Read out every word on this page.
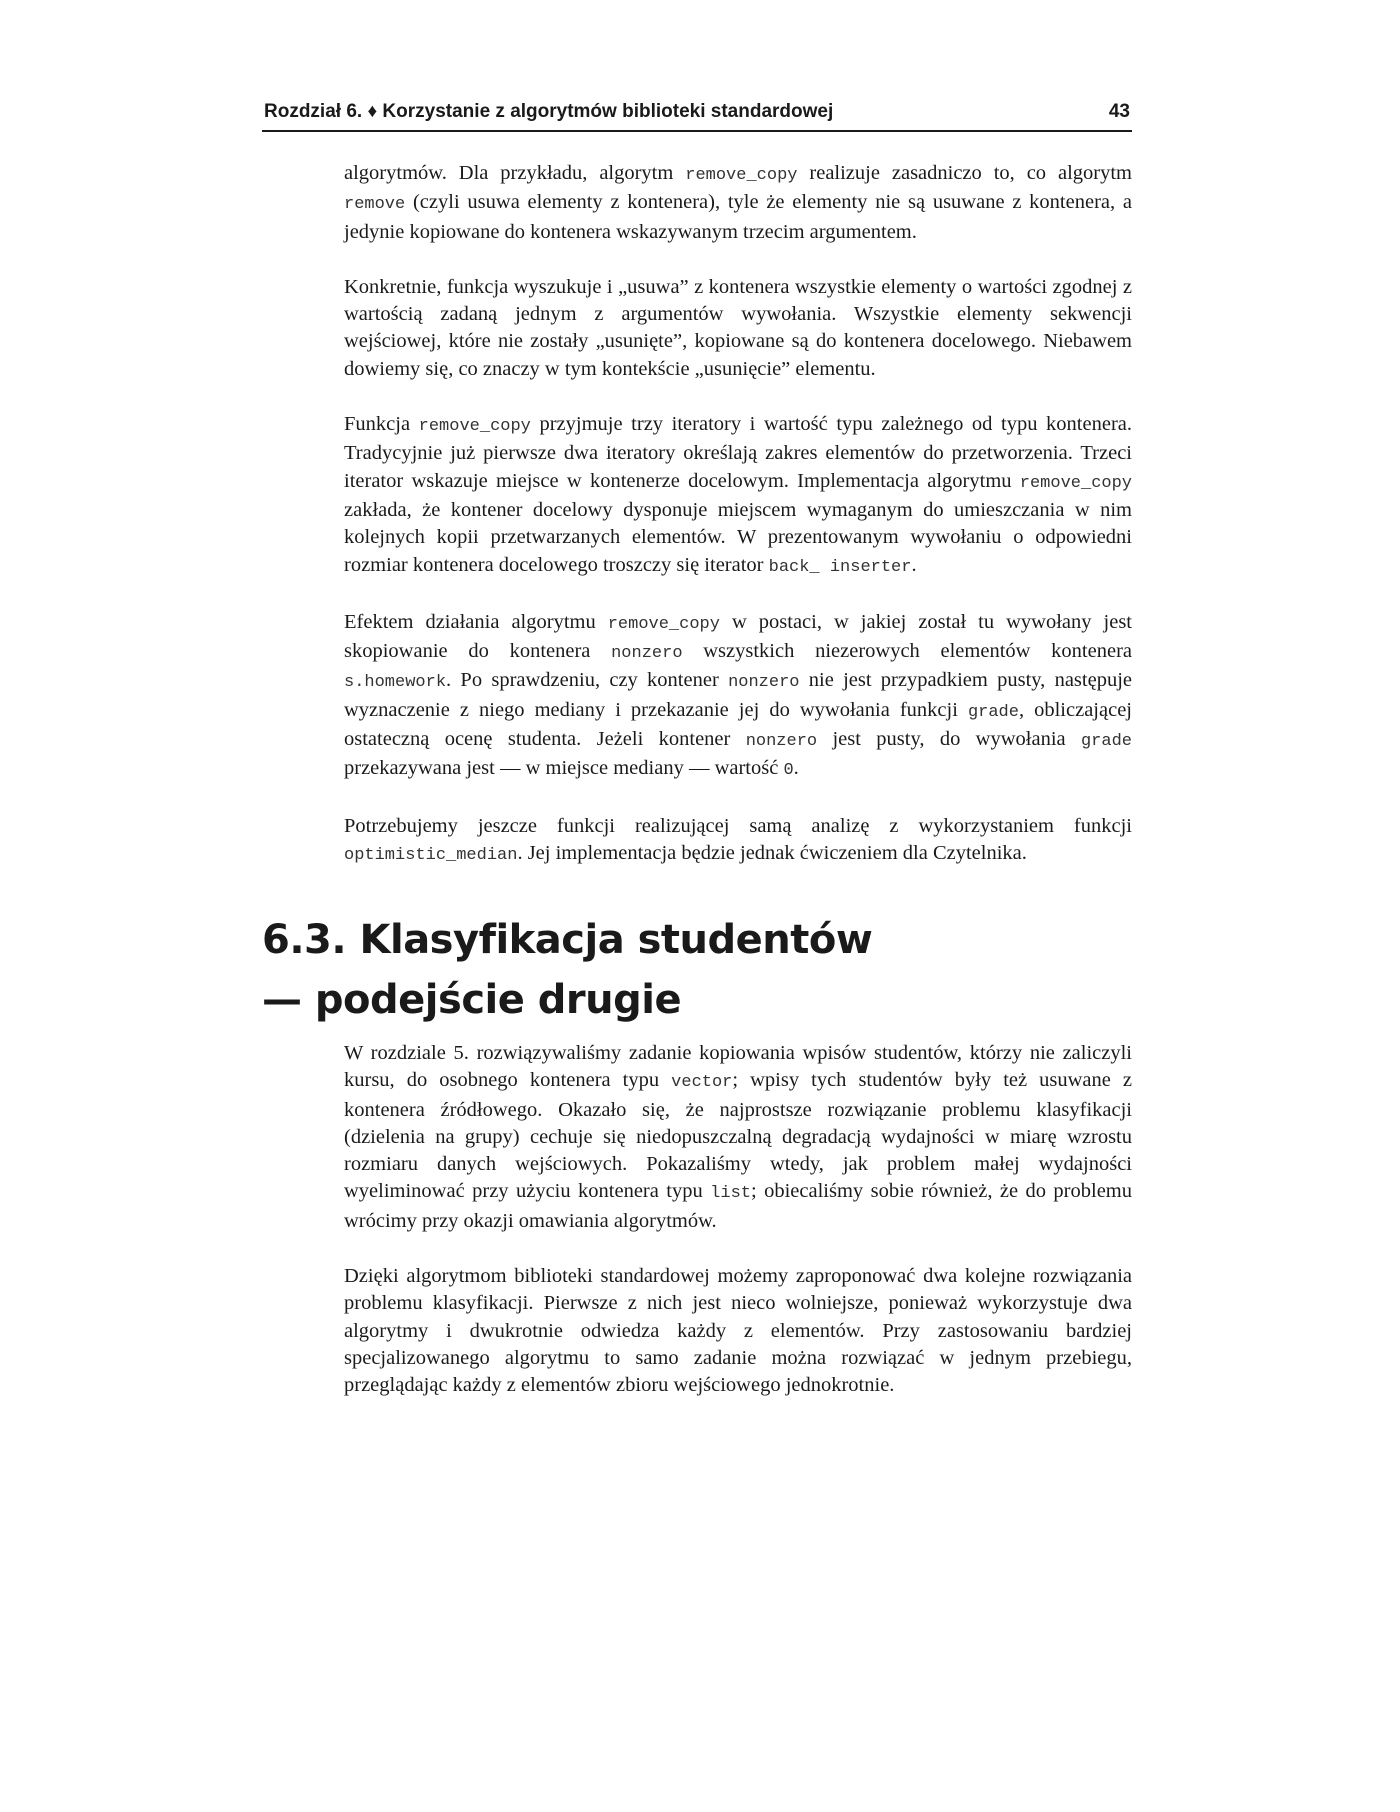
Rozdział 6. ♦ Korzystanie z algorytmów biblioteki standardowej	43

algorytmów. Dla przykładu, algorytm remove_copy realizuje zasadniczo to, co algorytm remove (czyli usuwa elementy z kontenera), tyle że elementy nie są usuwane z kontenera, a jedynie kopiowane do kontenera wskazywanym trzecim argumentem.

Konkretnie, funkcja wyszukuje i „usuwa” z kontenera wszystkie elementy o wartości zgodnej z wartością zadaną jednym z argumentów wywołania. Wszystkie elementy sekwencji wejściowej, które nie zostały „usunięte”, kopiowane są do kontenera docelowego. Niebawem dowiemy się, co znaczy w tym kontekście „usunięcie” elementu.

Funkcja remove_copy przyjmuje trzy iteratory i wartość typu zależnego od typu kontenera. Tradycyjnie już pierwsze dwa iteratory określają zakres elementów do przetworzenia. Trzeci iterator wskazuje miejsce w kontenerze docelowym. Implementacja algorytmu remove_copy zakłada, że kontener docelowy dysponuje miejscem wymaganym do umieszczania w nim kolejnych kopii przetwarzanych elementów. W prezentowanym wywołaniu o odpowiedni rozmiar kontenera docelowego troszczy się iterator back_ inserter.

Efektem działania algorytmu remove_copy w postaci, w jakiej został tu wywołany jest skopiowanie do kontenera nonzero wszystkich niezerowych elementów kontenera s.homework. Po sprawdzeniu, czy kontener nonzero nie jest przypadkiem pusty, następuje wyznaczenie z niego mediany i przekazanie jej do wywołania funkcji grade, obliczającej ostateczną ocenę studenta. Jeżeli kontener nonzero jest pusty, do wywołania grade przekazywana jest — w miejsce mediany — wartość 0.

Potrzebujemy jeszcze funkcji realizującej samą analizę z wykorzystaniem funkcji optimistic_median. Jej implementacja będzie jednak ćwiczeniem dla Czytelnika.

6.3. Klasyfikacja studentów
— podejście drugie

W rozdziale 5. rozwiązywaliśmy zadanie kopiowania wpisów studentów, którzy nie zaliczyli kursu, do osobnego kontenera typu vector; wpisy tych studentów były też usuwane z kontenera źródłowego. Okazało się, że najprostsze rozwiązanie problemu klasyfikacji (dzielenia na grupy) cechuje się niedopuszczalną degradacją wydajności w miarę wzrostu rozmiaru danych wejściowych. Pokazaliśmy wtedy, jak problem małej wydajności wyeliminować przy użyciu kontenera typu list; obiecaliśmy sobie również, że do problemu wrócimy przy okazji omawiania algorytmów.

Dzięki algorytmom biblioteki standardowej możemy zaproponować dwa kolejne rozwiązania problemu klasyfikacji. Pierwsze z nich jest nieco wolniejsze, ponieważ wykorzystuje dwa algorytmy i dwukrotnie odwiedza każdy z elementów. Przy zastosowaniu bardziej specjalizowanego algorytmu to samo zadanie można rozwiązać w jednym przebiegu, przeglądając każdy z elementów zbioru wejściowego jednokrotnie.
